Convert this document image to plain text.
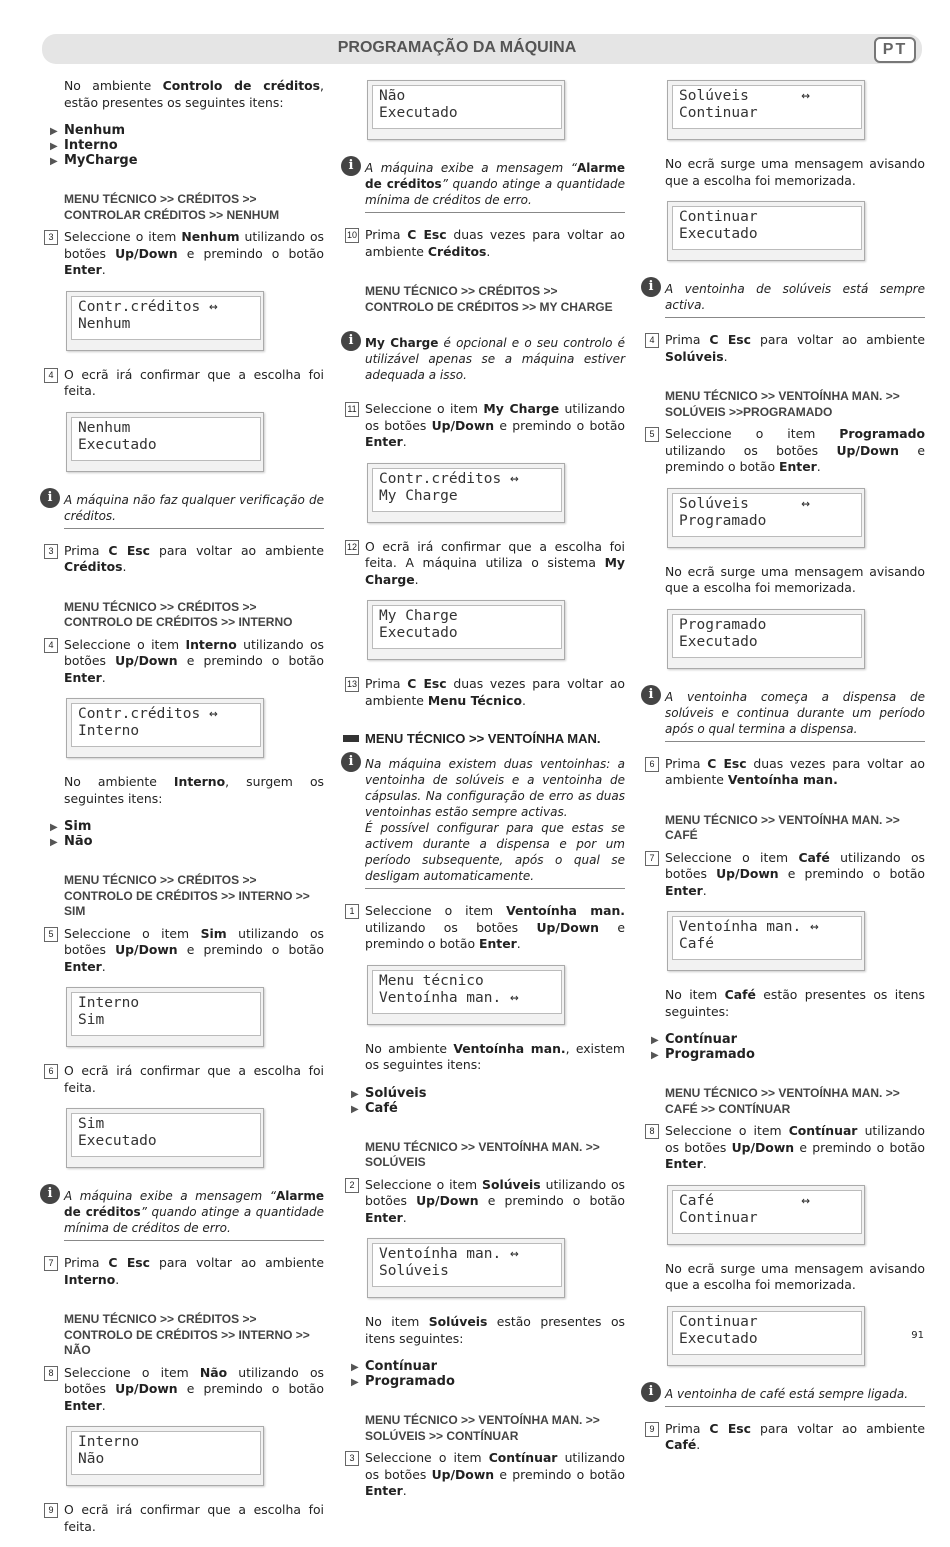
PROGRAMAÇÃO DA MÁQUINA	PT

No ambiente Controlo de créditos, estão presentes os seguintes itens:

▶ Nenhum
▶ Interno
▶ MyCharge
MENU TÉCNICO >> CRÉDITOS >> CONTROLAR CRÉDITOS >> NENHUM
3 Seleccione o item Nenhum utilizando os botões Up/Down e premindo o botão Enter.
Contr.créditos ↔
Nenhum
4 O ecrã irá confirmar que a escolha foi feita.
Nenhum
Executado
i A máquina não faz qualquer verificação de créditos.
3 Prima C Esc para voltar ao ambiente Créditos.
MENU TÉCNICO >> CRÉDITOS >> CONTROLO DE CRÉDITOS >> INTERNO
4 Seleccione o item Interno utilizando os botões Up/Down e premindo o botão Enter.
Contr.créditos ↔
Interno

No ambiente Interno, surgem os seguintes itens:

▶ Sim
▶ Não
MENU TÉCNICO >> CRÉDITOS >> CONTROLO DE CRÉDITOS >> INTERNO >> SIM
5 Seleccione o item Sim utilizando os botões Up/Down e premindo o botão Enter.
Interno
Sim
6 O ecrã irá confirmar que a escolha foi feita.
Sim
Executado
i A máquina exibe a mensagem “Alarme de créditos” quando atinge a quantidade mínima de créditos de erro.
7 Prima C Esc para voltar ao ambiente Interno.
MENU TÉCNICO >> CRÉDITOS >> CONTROLO DE CRÉDITOS >> INTERNO >> NÃO
8 Seleccione o item Não utilizando os botões Up/Down e premindo o botão Enter.
Interno
Não
9 O ecrã irá confirmar que a escolha foi feita.
Não
Executado
i A máquina exibe a mensagem “Alarme de créditos” quando atinge a quantidade mínima de créditos de erro.
10 Prima C Esc duas vezes para voltar ao ambiente Créditos.
MENU TÉCNICO >> CRÉDITOS >> CONTROLO DE CRÉDITOS >> MY CHARGE
i My Charge é opcional e o seu controlo é utilizável apenas se a máquina estiver adequada a isso.
11 Seleccione o item My Charge utilizando os botões Up/Down e premindo o botão Enter.
Contr.créditos ↔
My Charge
12 O ecrã irá confirmar que a escolha foi feita. A máquina utiliza o sistema My Charge.
My Charge
Executado
13 Prima C Esc duas vezes para voltar ao ambiente Menu Técnico.
MENU TÉCNICO >> VENTOÍNHA MAN.
i Na máquina existem duas ventoinhas: a ventoinha de solúveis e a ventoinha de cápsulas. Na configuração de erro as duas ventoinhas estão sempre activas.
É possível configurar para que estas se activem durante a dispensa e por um período subsequente, após o qual se desligam automaticamente.
1 Seleccione o item Ventoínha man. utilizando os botões Up/Down e premindo o botão Enter.
Menu técnico
Ventoínha man. ↔

No ambiente Ventoínha man., existem os seguintes itens:

▶ Solúveis
▶ Café
MENU TÉCNICO >> VENTOÍNHA MAN. >> SOLÚVEIS
2 Seleccione o item Solúveis utilizando os botões Up/Down e premindo o botão Enter.
Ventoínha man. ↔
Solúveis

No item Solúveis estão presentes os itens seguintes:

▶ Contínuar
▶ Programado
MENU TÉCNICO >> VENTOÍNHA MAN. >> SOLÚVEIS >> CONTÍNUAR
3 Seleccione o item Contínuar utilizando os botões Up/Down e premindo o botão Enter.
Solúveis      ↔
Continuar

No ecrã surge uma mensagem avisando que a escolha foi memorizada.

Continuar
Executado
i A ventoinha de solúveis está sempre activa.
4 Prima C Esc para voltar ao ambiente Solúveis.
MENU TÉCNICO >> VENTOÍNHA MAN. >> SOLÚVEIS >>PROGRAMADO
5 Seleccione o item Programado utilizando os botões Up/Down e premindo o botão Enter.
Solúveis      ↔
Programado

No ecrã surge uma mensagem avisando que a escolha foi memorizada.

Programado
Executado
i A ventoinha começa a dispensa de solúveis e continua durante um período após o qual termina a dispensa.
6 Prima C Esc duas vezes para voltar ao ambiente Ventoínha man.
MENU TÉCNICO >> VENTOÍNHA MAN. >> CAFÉ
7 Seleccione o item Café utilizando os botões Up/Down e premindo o botão Enter.
Ventoínha man. ↔
Café

No item Café estão presentes os itens seguintes:

▶ Contínuar
▶ Programado
MENU TÉCNICO >> VENTOÍNHA MAN. >> CAFÉ >> CONTÍNUAR
8 Seleccione o item Contínuar utilizando os botões Up/Down e premindo o botão Enter.
Café          ↔
Continuar

No ecrã surge uma mensagem avisando que a escolha foi memorizada.

Continuar
Executado
i A ventoinha de café está sempre ligada.
9 Prima C Esc para voltar ao ambiente Café.
91
